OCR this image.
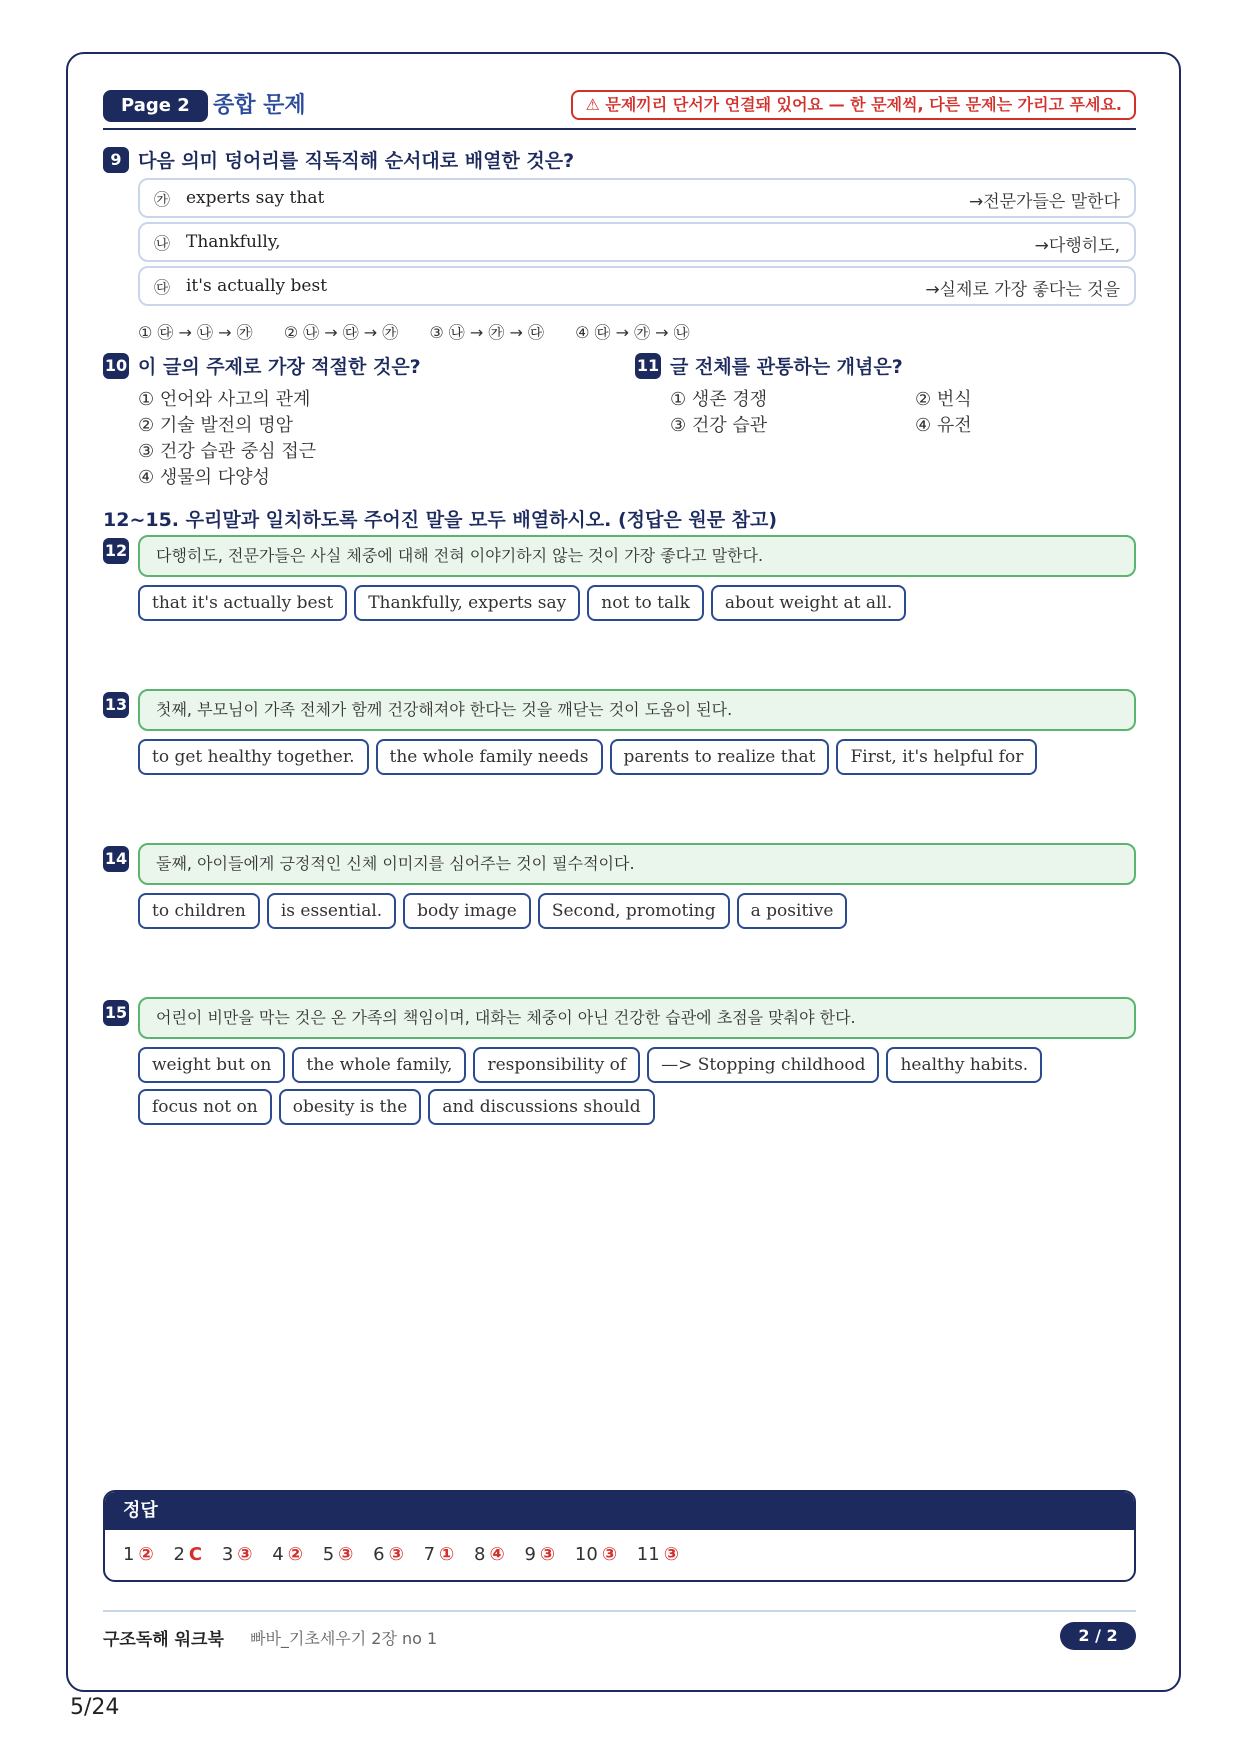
Page 2	종합 문제	⚠ 문제끼리 단서가 연결돼 있어요 — 한 문제씩, 다른 문제는 가리고 푸세요.
9 다음 의미 덩어리를 직독직해 순서대로 배열한 것은?
㉮ experts say that	→전문가들은 말한다
㉯ Thankfully,	→다행히도,
㉰ it's actually best	→실제로 가장 좋다는 것을
① ㉰ → ㉯ → ㉮ ② ㉯ → ㉰ → ㉮ ③ ㉯ → ㉮ → ㉰ ④ ㉰ → ㉮ → ㉯
10 이 글의 주제로 가장 적절한 것은?
① 언어와 사고의 관계
② 기술 발전의 명암
③ 건강 습관 중심 접근
④ 생물의 다양성
11 글 전체를 관통하는 개념은?
① 생존 경쟁	② 번식
③ 건강 습관	④ 유전
12~15. 우리말과 일치하도록 주어진 말을 모두 배열하시오. (정답은 원문 참고)
12	다행히도, 전문가들은 사실 체중에 대해 전혀 이야기하지 않는 것이 가장 좋다고 말한다.
that it's actually best	Thankfully, experts say	not to talk	about weight at all.
13	첫째, 부모님이 가족 전체가 함께 건강해져야 한다는 것을 깨닫는 것이 도움이 된다.
to get healthy together.	the whole family needs	parents to realize that	First, it's helpful for
14	둘째, 아이들에게 긍정적인 신체 이미지를 심어주는 것이 필수적이다.
to children	is essential.	body image	Second, promoting	a positive
15	어린이 비만을 막는 것은 온 가족의 책임이며, 대화는 체중이 아닌 건강한 습관에 초점을 맞춰야 한다.
weight but on	the whole family,	responsibility of	—> Stopping childhood	healthy habits.
focus not on	obesity is the	and discussions should
정답
1 ② 2 C 3 ③ 4 ② 5 ③ 6 ③ 7 ① 8 ④ 9 ③ 10 ③ 11 ③
구조독해 워크북 빠바_기초세우기 2장 no 1	2 / 2
5/24
